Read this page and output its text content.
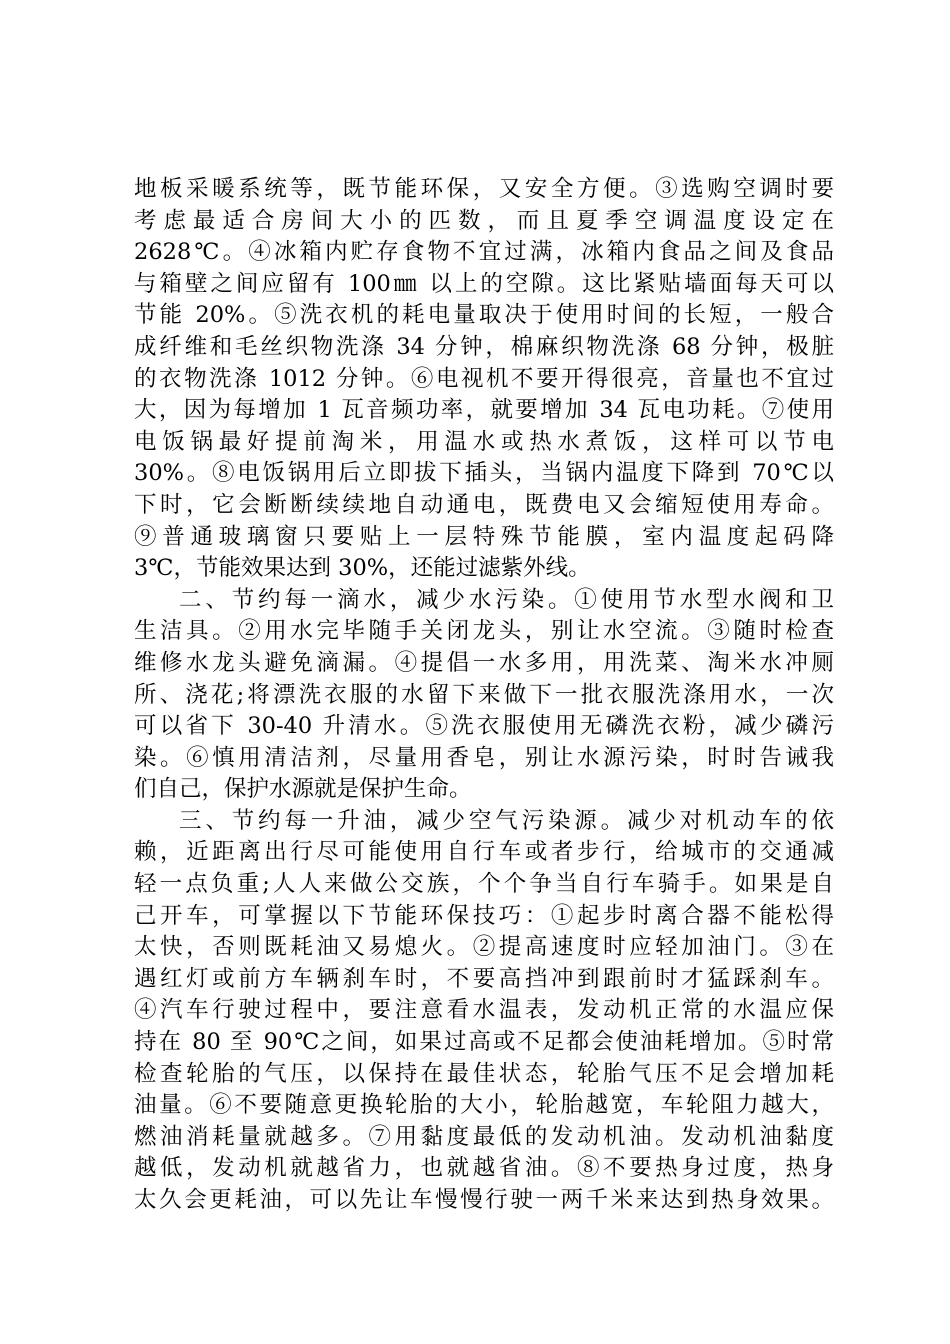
地板采暖系统等，既节能环保，又安全方便。③选购空调时要
考虑最适合房间大小的匹数，而且夏季空调温度设定在
2628℃。④冰箱内贮存食物不宜过满，冰箱内食品之间及食品
与箱壁之间应留有 100㎜ 以上的空隙。这比紧贴墙面每天可以
节能 20%。⑤洗衣机的耗电量取决于使用时间的长短，一般合
成纤维和毛丝织物洗涤 34 分钟，棉麻织物洗涤 68 分钟，极脏
的衣物洗涤 1012 分钟。⑥电视机不要开得很亮，音量也不宜过
大，因为每增加 1 瓦音频功率，就要增加 34 瓦电功耗。⑦使用
电饭锅最好提前淘米，用温水或热水煮饭，这样可以节电
30%。⑧电饭锅用后立即拔下插头，当锅内温度下降到 70℃以
下时，它会断断续续地自动通电，既费电又会缩短使用寿命。
⑨普通玻璃窗只要贴上一层特殊节能膜，室内温度起码降
3℃，节能效果达到 30%，还能过滤紫外线。
二、节约每一滴水，减少水污染。①使用节水型水阀和卫
生洁具。②用水完毕随手关闭龙头，别让水空流。③随时检查
维修水龙头避免滴漏。④提倡一水多用，用洗菜、淘米水冲厕
所、浇花;将漂洗衣服的水留下来做下一批衣服洗涤用水，一次
可以省下 30-40 升清水。⑤洗衣服使用无磷洗衣粉，减少磷污
染。⑥慎用清洁剂，尽量用香皂，别让水源污染，时时告诫我
们自己，保护水源就是保护生命。
三、节约每一升油，减少空气污染源。减少对机动车的依
赖，近距离出行尽可能使用自行车或者步行，给城市的交通减
轻一点负重;人人来做公交族，个个争当自行车骑手。如果是自
己开车，可掌握以下节能环保技巧：①起步时离合器不能松得
太快，否则既耗油又易熄火。②提高速度时应轻加油门。③在
遇红灯或前方车辆刹车时，不要高挡冲到跟前时才猛踩刹车。
④汽车行驶过程中，要注意看水温表，发动机正常的水温应保
持在 80 至 90℃之间，如果过高或不足都会使油耗增加。⑤时常
检查轮胎的气压，以保持在最佳状态，轮胎气压不足会增加耗
油量。⑥不要随意更换轮胎的大小，轮胎越宽，车轮阻力越大，
燃油消耗量就越多。⑦用黏度最低的发动机油。发动机油黏度
越低，发动机就越省力，也就越省油。⑧不要热身过度，热身
太久会更耗油，可以先让车慢慢行驶一两千米来达到热身效果。
